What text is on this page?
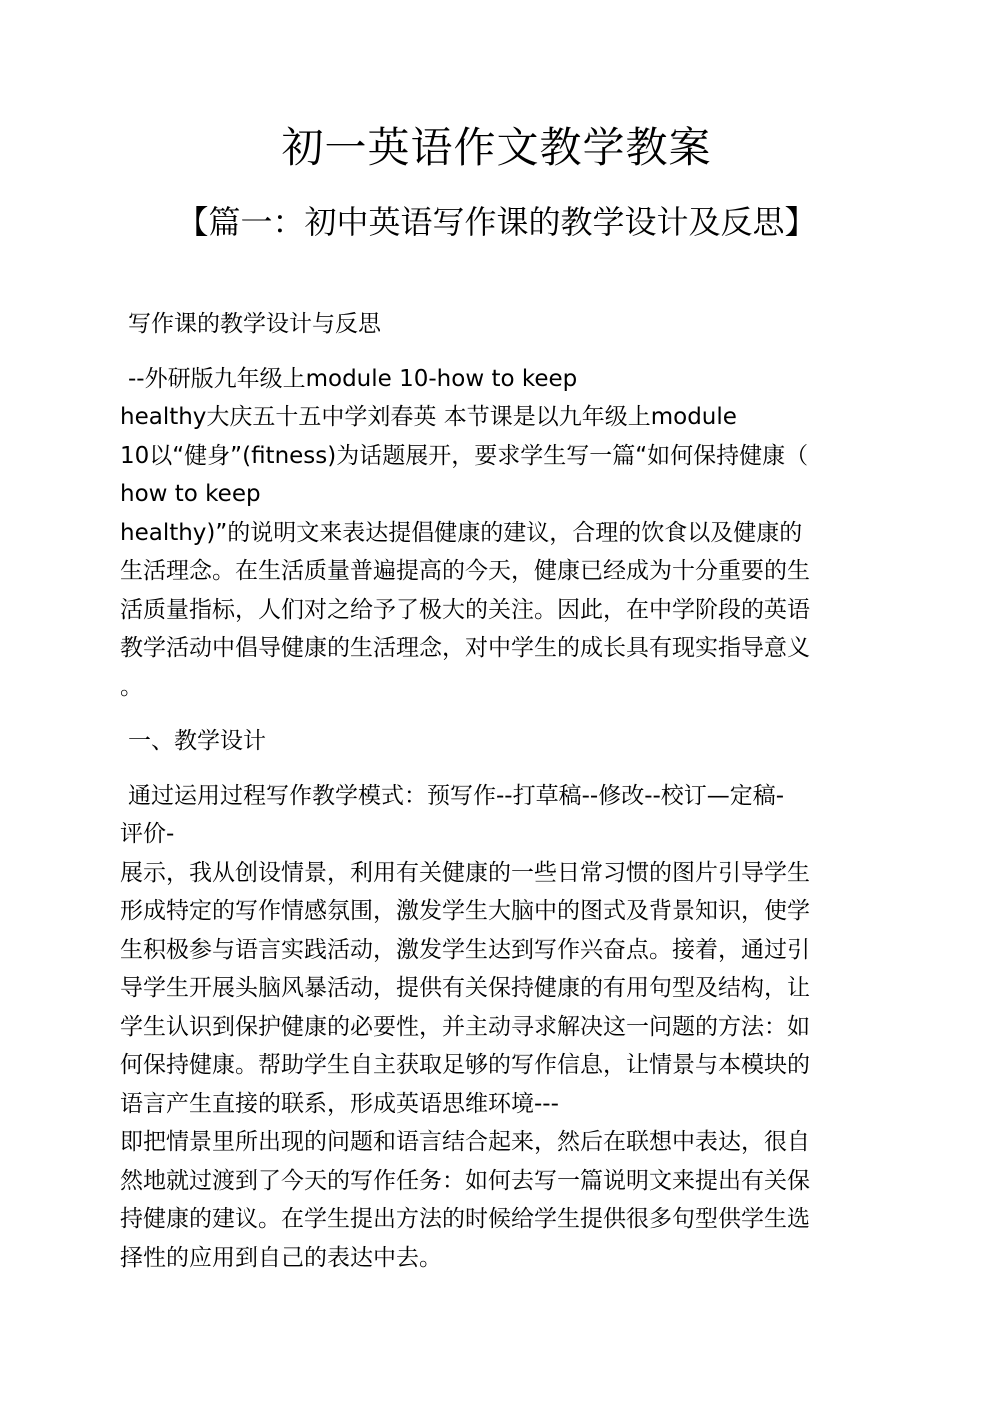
初一英语作文教学教案
【篇一：初中英语写作课的教学设计及反思】
写作课的教学设计与反思
--外研版九年级上module 10-how to keep
healthy大庆五十五中学刘春英 本节课是以九年级上module
10以“健身”(fitness)为话题展开，要求学生写一篇“如何保持健康（
how to keep
healthy)”的说明文来表达提倡健康的建议，合理的饮食以及健康的
生活理念。在生活质量普遍提高的今天，健康已经成为十分重要的生
活质量指标，人们对之给予了极大的关注。因此，在中学阶段的英语
教学活动中倡导健康的生活理念，对中学生的成长具有现实指导意义
。
一、教学设计
通过运用过程写作教学模式：预写作--打草稿--修改--校订—定稿-
评价-
展示，我从创设情景，利用有关健康的一些日常习惯的图片引导学生
形成特定的写作情感氛围，激发学生大脑中的图式及背景知识，使学
生积极参与语言实践活动，激发学生达到写作兴奋点。接着，通过引
导学生开展头脑风暴活动，提供有关保持健康的有用句型及结构，让
学生认识到保护健康的必要性，并主动寻求解决这一问题的方法：如
何保持健康。帮助学生自主获取足够的写作信息，让情景与本模块的
语言产生直接的联系，形成英语思维环境---
即把情景里所出现的问题和语言结合起来，然后在联想中表达，很自
然地就过渡到了今天的写作任务：如何去写一篇说明文来提出有关保
持健康的建议。在学生提出方法的时候给学生提供很多句型供学生选
择性的应用到自己的表达中去。
